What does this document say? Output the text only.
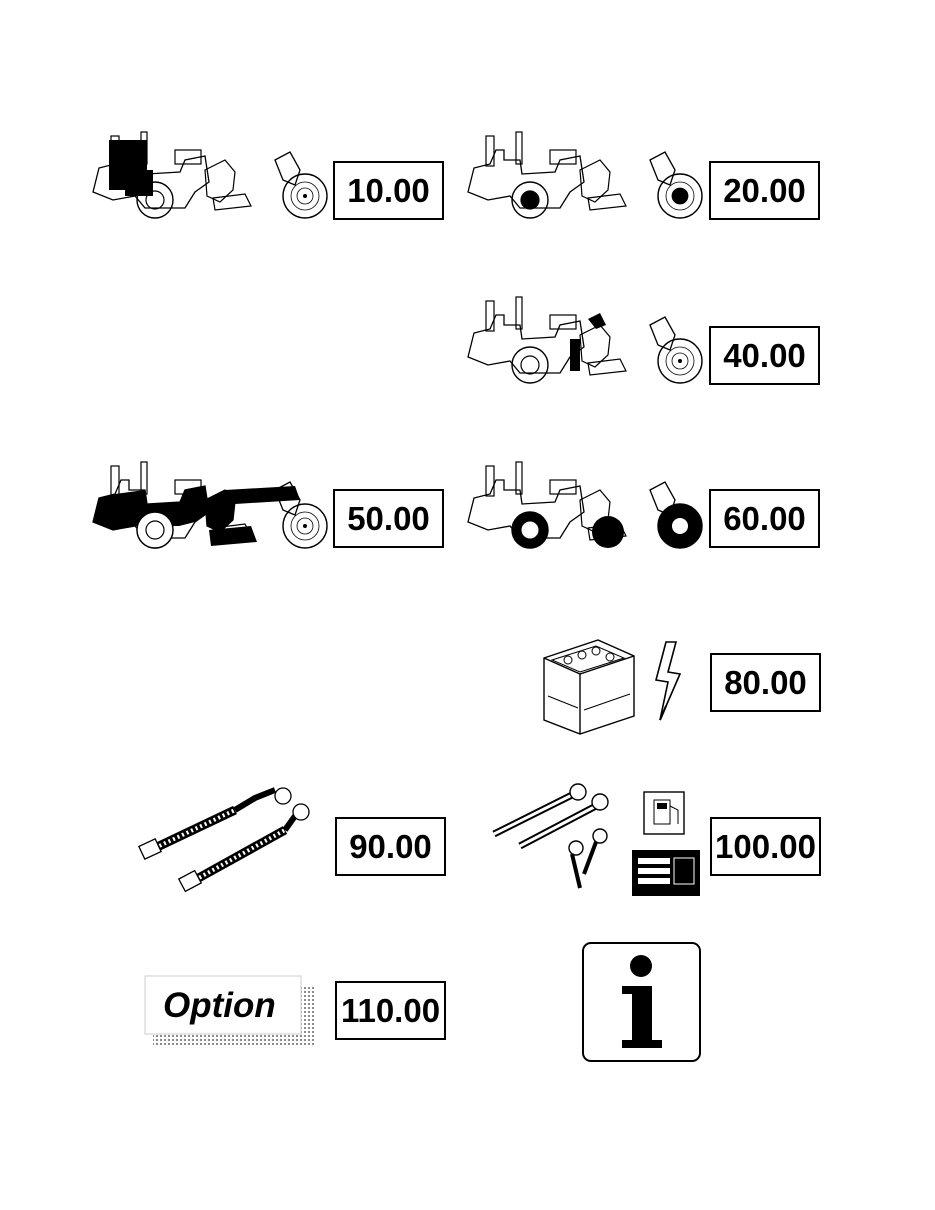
10.00	20.00
40.00
50.00	60.00
80.00
90.00	100.00
Option 110.00
